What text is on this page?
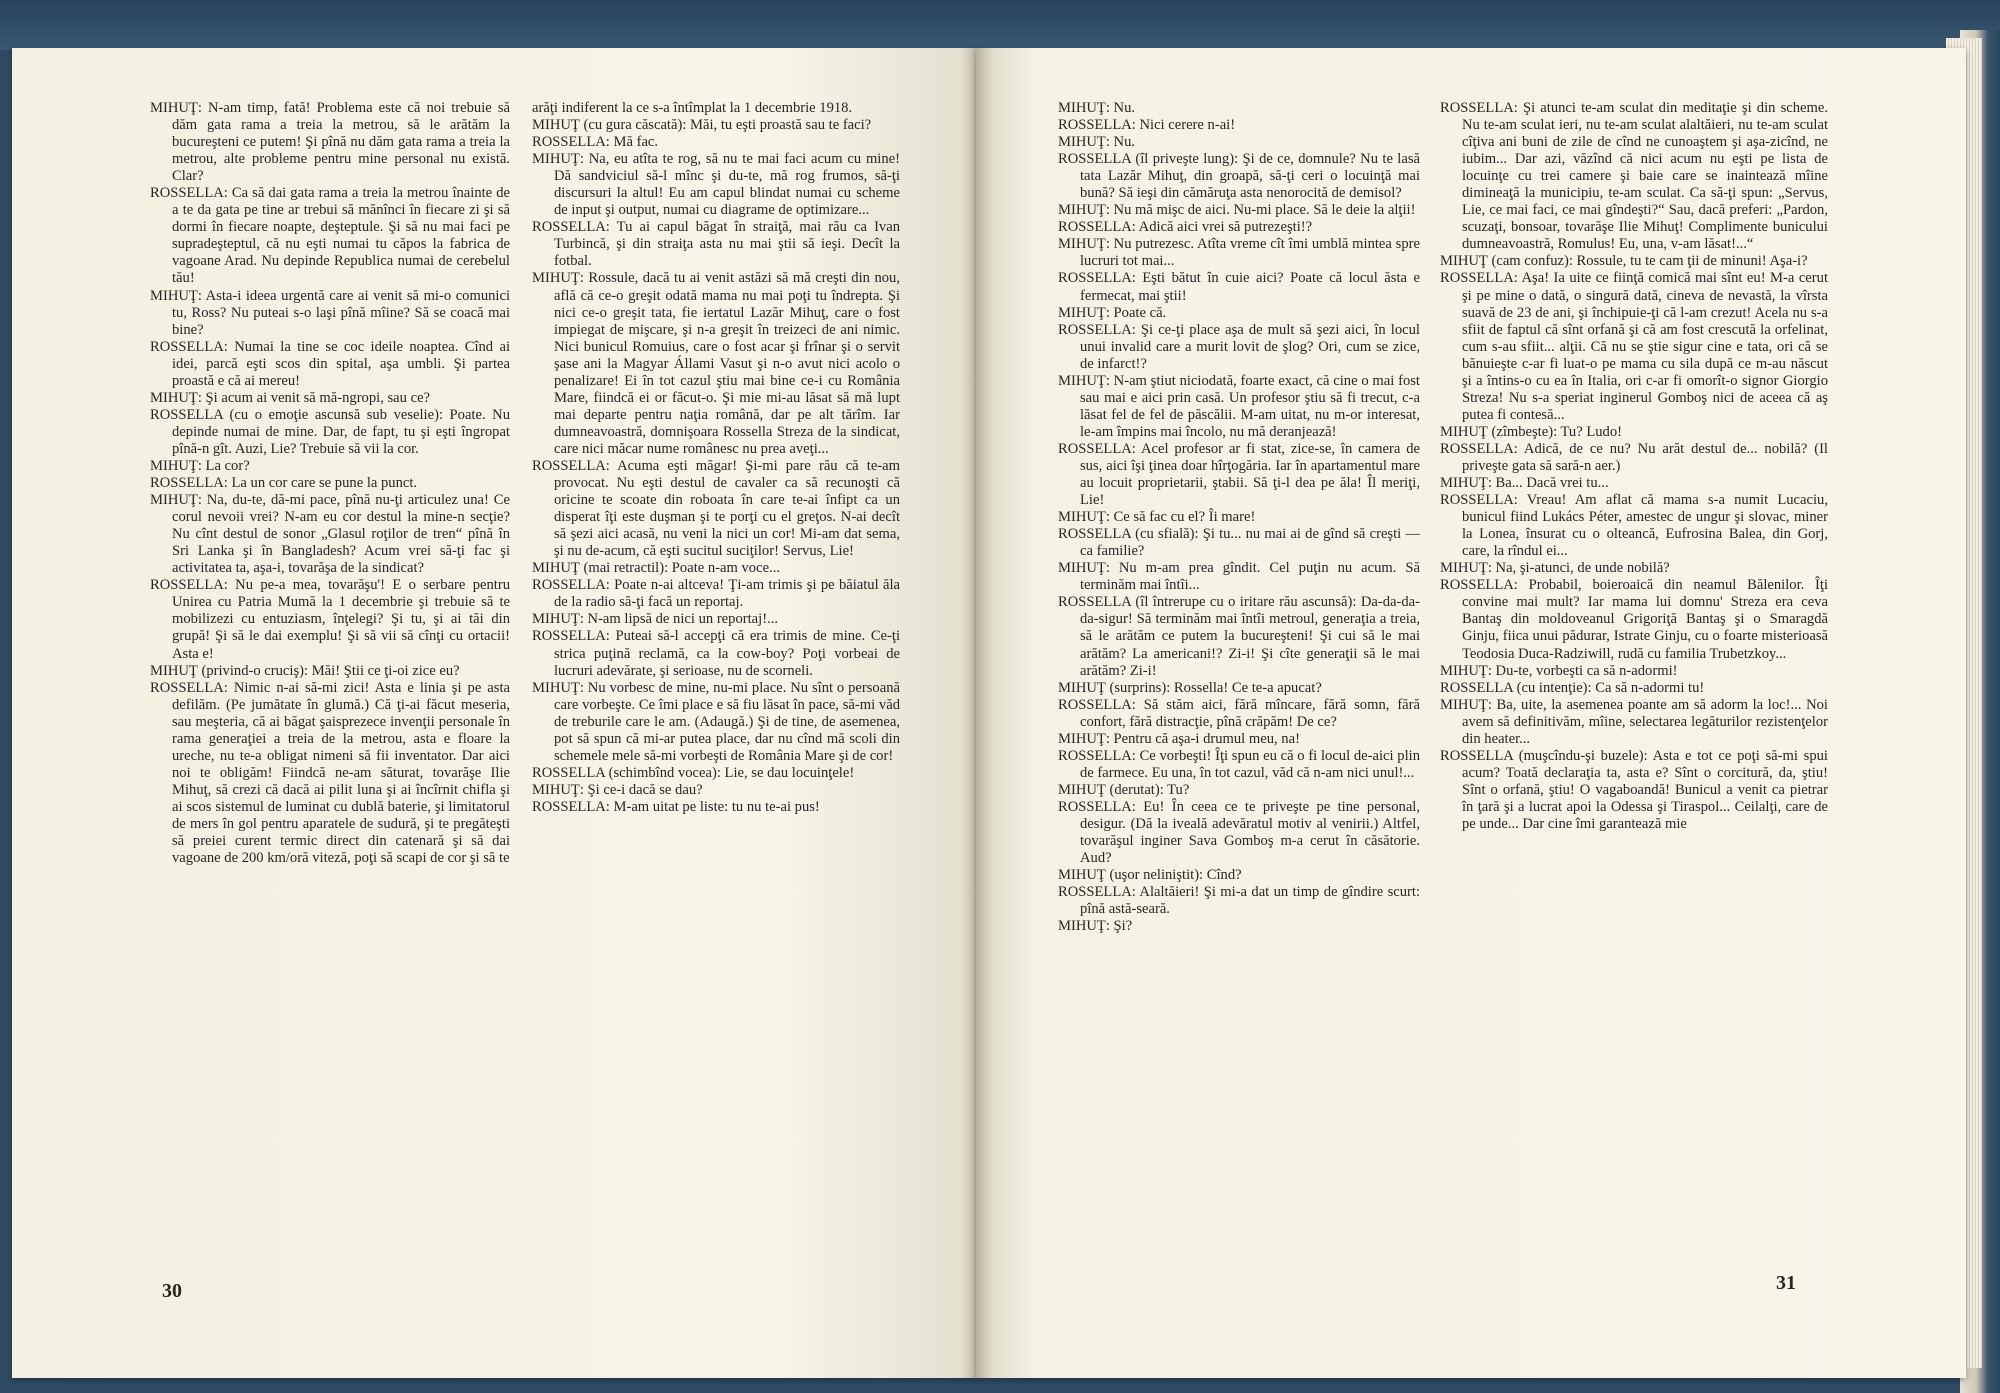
MIHUŢ: N-am timp, fată! Problema este că noi trebuie să dăm gata rama a treia la metrou, să le arătăm la bucureşteni ce putem! Şi pînă nu dăm gata rama a treia la metrou, alte probleme pentru mine personal nu există. Clar?

ROSSELLA: Ca să dai gata rama a treia la metrou înainte de a te da gata pe tine ar trebui să mănînci în fiecare zi şi să dormi în fiecare noapte, deşteptule. Şi să nu mai faci pe supradeşteptul, că nu eşti numai tu căpos la fabrica de vagoane Arad. Nu depinde Republica numai de cerebelul tău!

MIHUŢ: Asta-i ideea urgentă care ai venit să mi-o comunici tu, Ross? Nu puteai s-o laşi pînă mîine? Să se coacă mai bine?

ROSSELLA: Numai la tine se coc ideile noaptea. Cînd ai idei, parcă eşti scos din spital, aşa umbli. Şi partea proastă e că ai mereu!

MIHUŢ: Şi acum ai venit să mă-ngropi, sau ce?

ROSSELLA (cu o emoţie ascunsă sub veselie): Poate. Nu depinde numai de mine. Dar, de fapt, tu şi eşti îngropat pînă-n gît. Auzi, Lie? Trebuie să vii la cor.

MIHUŢ: La cor?

ROSSELLA: La un cor care se pune la punct.

MIHUŢ: Na, du-te, dă-mi pace, pînă nu-ţi articulez una! Ce corul nevoii vrei? N-am eu cor destul la mine-n secţie? Nu cînt destul de sonor „Glasul roţilor de tren“ pînă în Sri Lanka şi în Bangladesh? Acum vrei să-ţi fac şi activitatea ta, aşa-i, tovarăşa de la sindicat?

ROSSELLA: Nu pe-a mea, tovarăşu'! E o serbare pentru Unirea cu Patria Mumă la 1 decembrie şi trebuie să te mobilizezi cu entuziasm, înţelegi? Şi tu, şi ai tăi din grupă! Şi să le dai exemplu! Şi să vii să cînţi cu ortacii! Asta e!

MIHUŢ (privind-o cruciş): Măi! Ştii ce ţi-oi zice eu?

ROSSELLA: Nimic n-ai să-mi zici! Asta e linia şi pe asta defilăm. (Pe jumătate în glumă.) Că ţi-ai făcut meseria, sau meşteria, că ai băgat şaisprezece invenţii personale în rama generaţiei a treia de la metrou, asta e floare la ureche, nu te-a obligat nimeni să fii inventator. Dar aici noi te obligăm! Fiindcă ne-am săturat, tovarăşe Ilie Mihuţ, să crezi că dacă ai pilit luna şi ai încîrnit chifla şi ai scos sistemul de luminat cu dublă baterie, şi limitatorul de mers în gol pentru aparatele de sudură, şi te pregăteşti să preiei curent termic direct din catenară şi să dai vagoane de 200 km/oră viteză, poţi să scapi de cor şi să te

arăţi indiferent la ce s-a întîmplat la 1 decembrie 1918.

MIHUŢ (cu gura căscată): Măi, tu eşti proastă sau te faci?

ROSSELLA: Mă fac.

MIHUŢ: Na, eu atîta te rog, să nu te mai faci acum cu mine! Dă sandviciul să-l mînc şi du-te, mă rog frumos, să-ţi discursuri la altul! Eu am capul blindat numai cu scheme de input şi output, numai cu diagrame de optimizare...

ROSSELLA: Tu ai capul băgat în straiţă, mai rău ca Ivan Turbincă, şi din straiţa asta nu mai ştii să ieşi. Decît la fotbal.

MIHUŢ: Rossule, dacă tu ai venit astăzi să mă creşti din nou, află că ce-o greşit odată mama nu mai poţi tu îndrepta. Şi nici ce-o greşit tata, fie iertatul Lazăr Mihuţ, care o fost impiegat de mişcare, şi n-a greşit în treizeci de ani nimic. Nici bunicul Romuius, care o fost acar şi frînar şi o servit şase ani la Magyar Állami Vasut şi n-o avut nici acolo o penalizare! Ei în tot cazul ştiu mai bine ce-i cu România Mare, fiindcă ei or făcut-o. Şi mie mi-au lăsat să mă lupt mai departe pentru naţia română, dar pe alt tărîm. Iar dumneavoastră, domnişoara Rossella Streza de la sindicat, care nici măcar nume românesc nu prea aveţi...

ROSSELLA: Acuma eşti măgar! Şi-mi pare rău că te-am provocat. Nu eşti destul de cavaler ca să recunoşti că oricine te scoate din roboata în care te-ai înfipt ca un disperat îţi este duşman şi te porţi cu el greţos. N-ai decît să şezi aici acasă, nu veni la nici un cor! Mi-am dat sema, şi nu de-acum, că eşti sucitul suciţilor! Servus, Lie!

MIHUŢ (mai retractil): Poate n-am voce...

ROSSELLA: Poate n-ai altceva! Ţi-am trimis şi pe băiatul ăla de la radio să-ţi facă un reportaj.

MIHUŢ: N-am lipsă de nici un reportaj!...

ROSSELLA: Puteai să-l accepţi că era trimis de mine. Ce-ţi strica puţină reclamă, ca la cow-boy? Poţi vorbeai de lucruri adevărate, şi serioase, nu de scorneli.

MIHUŢ: Nu vorbesc de mine, nu-mi place. Nu sînt o persoană care vorbeşte. Ce îmi place e să fiu lăsat în pace, să-mi văd de treburile care le am. (Adaugă.) Şi de tine, de asemenea, pot să spun că mi-ar putea place, dar nu cînd mă scoli din schemele mele să-mi vorbeşti de România Mare şi de cor!

ROSSELLA (schimbînd vocea): Lie, se dau locuinţele!

MIHUŢ: Şi ce-i dacă se dau?

ROSSELLA: M-am uitat pe liste: tu nu te-ai pus!

MIHUŢ: Nu.

ROSSELLA: Nici cerere n-ai!

MIHUŢ: Nu.

ROSSELLA (îl priveşte lung): Şi de ce, domnule? Nu te lasă tata Lazăr Mihuţ, din groapă, să-ţi ceri o locuinţă mai bună? Să ieşi din cămăruţa asta nenorocită de demisol?

MIHUŢ: Nu mă mişc de aici. Nu-mi place. Să le deie la alţii!

ROSSELLA: Adică aici vrei să putrezeşti!?

MIHUŢ: Nu putrezesc. Atîta vreme cît îmi umblă mintea spre lucruri tot mai...

ROSSELLA: Eşti bătut în cuie aici? Poate că locul ăsta e fermecat, mai ştii!

MIHUŢ: Poate că.

ROSSELLA: Şi ce-ţi place aşa de mult să şezi aici, în locul unui invalid care a murit lovit de şlog? Ori, cum se zice, de infarct!?

MIHUŢ: N-am ştiut niciodată, foarte exact, că cine o mai fost sau mai e aici prin casă. Un profesor ştiu să fi trecut, c-a lăsat fel de fel de păscălii. M-am uitat, nu m-or interesat, le-am împins mai încolo, nu mă deranjează!

ROSSELLA: Acel profesor ar fi stat, zice-se, în camera de sus, aici îşi ţinea doar hîrţogăria. Iar în apartamentul mare au locuit proprietarii, ştabii. Să ţi-l dea pe ăla! Îl meriţi, Lie!

MIHUŢ: Ce să fac cu el? Îi mare!

ROSSELLA (cu sfială): Şi tu... nu mai ai de gînd să creşti — ca familie?

MIHUŢ: Nu m-am prea gîndit. Cel puţin nu acum. Să terminăm mai întîi...

ROSSELLA (îl întrerupe cu o iritare rău ascunsă): Da-da-da-da-sigur! Să terminăm mai întîi metroul, generaţia a treia, să le arătăm ce putem la bucureşteni! Şi cui să le mai arătăm? La americani!? Zi-i! Şi cîte generaţii să le mai arătăm? Zi-i!

MIHUŢ (surprins): Rossella! Ce te-a apucat?

ROSSELLA: Să stăm aici, fără mîncare, fără somn, fără confort, fără distracţie, pînă crăpăm! De ce?

MIHUŢ: Pentru că aşa-i drumul meu, na!

ROSSELLA: Ce vorbeşti! Îţi spun eu că o fi locul de-aici plin de farmece. Eu una, în tot cazul, văd că n-am nici unul!...

MIHUŢ (derutat): Tu?

ROSSELLA: Eu! În ceea ce te priveşte pe tine personal, desigur. (Dă la iveală adevăratul motiv al venirii.) Altfel, tovarăşul inginer Sava Gomboş m-a cerut în căsătorie. Aud?

MIHUŢ (uşor neliniştit): Cînd?

ROSSELLA: Alaltăieri! Şi mi-a dat un timp de gîndire scurt: pînă astă-seară.

MIHUŢ: Şi?

ROSSELLA: Şi atunci te-am sculat din meditaţie şi din scheme. Nu te-am sculat ieri, nu te-am sculat alaltăieri, nu te-am sculat cîţiva ani buni de zile de cînd ne cunoaştem şi aşa-zicînd, ne iubim... Dar azi, văzînd că nici acum nu eşti pe lista de locuinţe cu trei camere şi baie care se inaintează mîine dimineaţă la municipiu, te-am sculat. Ca să-ţi spun: „Servus, Lie, ce mai faci, ce mai gîndeşti?“ Sau, dacă preferi: „Pardon, scuzaţi, bonsoar, tovarăşe Ilie Mihuţ! Complimente bunicului dumneavoastră, Romulus! Eu, una, v-am lăsat!...“

MIHUŢ (cam confuz): Rossule, tu te cam ţii de minuni! Aşa-i?

ROSSELLA: Aşa! Ia uite ce fiinţă comică mai sînt eu! M-a cerut şi pe mine o dată, o singură dată, cineva de nevastă, la vîrsta suavă de 23 de ani, şi închipuie-ţi că l-am crezut! Acela nu s-a sfiit de faptul că sînt orfană şi că am fost crescută la orfelinat, cum s-au sfiit... alţii. Că nu se ştie sigur cine e tata, ori că se bănuieşte c-ar fi luat-o pe mama cu sila după ce m-au născut şi a întins-o cu ea în Italia, ori c-ar fi omorît-o signor Giorgio Streza! Nu s-a speriat inginerul Gomboş nici de aceea că aş putea fi contesă...

MIHUŢ (zîmbeşte): Tu? Ludo!

ROSSELLA: Adică, de ce nu? Nu arăt destul de... nobilă? (Il priveşte gata să sară-n aer.)

MIHUŢ: Ba... Dacă vrei tu...

ROSSELLA: Vreau! Am aflat că mama s-a numit Lucaciu, bunicul fiind Lukács Péter, amestec de ungur şi slovac, miner la Lonea, însurat cu o olteancă, Eufrosina Balea, din Gorj, care, la rîndul ei...

MIHUŢ: Na, şi-atunci, de unde nobilă?

ROSSELLA: Probabil, boieroaică din neamul Bălenilor. Îţi convine mai mult? Iar mama lui domnu' Streza era ceva Bantaş din moldoveanul Grigoriţă Bantaş şi o Smaragdă Ginju, fiica unui pădurar, Istrate Ginju, cu o foarte misterioasă Teodosia Duca-Radziwill, rudă cu familia Trubetzkoy...

MIHUŢ: Du-te, vorbeşti ca să n-adormi!

ROSSELLA (cu intenţie): Ca să n-adormi tu!

MIHUŢ: Ba, uite, la asemenea poante am să adorm la loc!... Noi avem să definitivăm, mîine, selectarea legăturilor rezistenţelor din heater...

ROSSELLA (muşcîndu-şi buzele): Asta e tot ce poţi să-mi spui acum? Toată declaraţia ta, asta e? Sînt o corcitură, da, ştiu! Sînt o orfană, ştiu! O vagaboandă! Bunicul a venit ca pietrar în ţară şi a lucrat apoi la Odessa şi Tiraspol... Ceilalţi, care de pe unde... Dar cine îmi garantează mie

30	31
